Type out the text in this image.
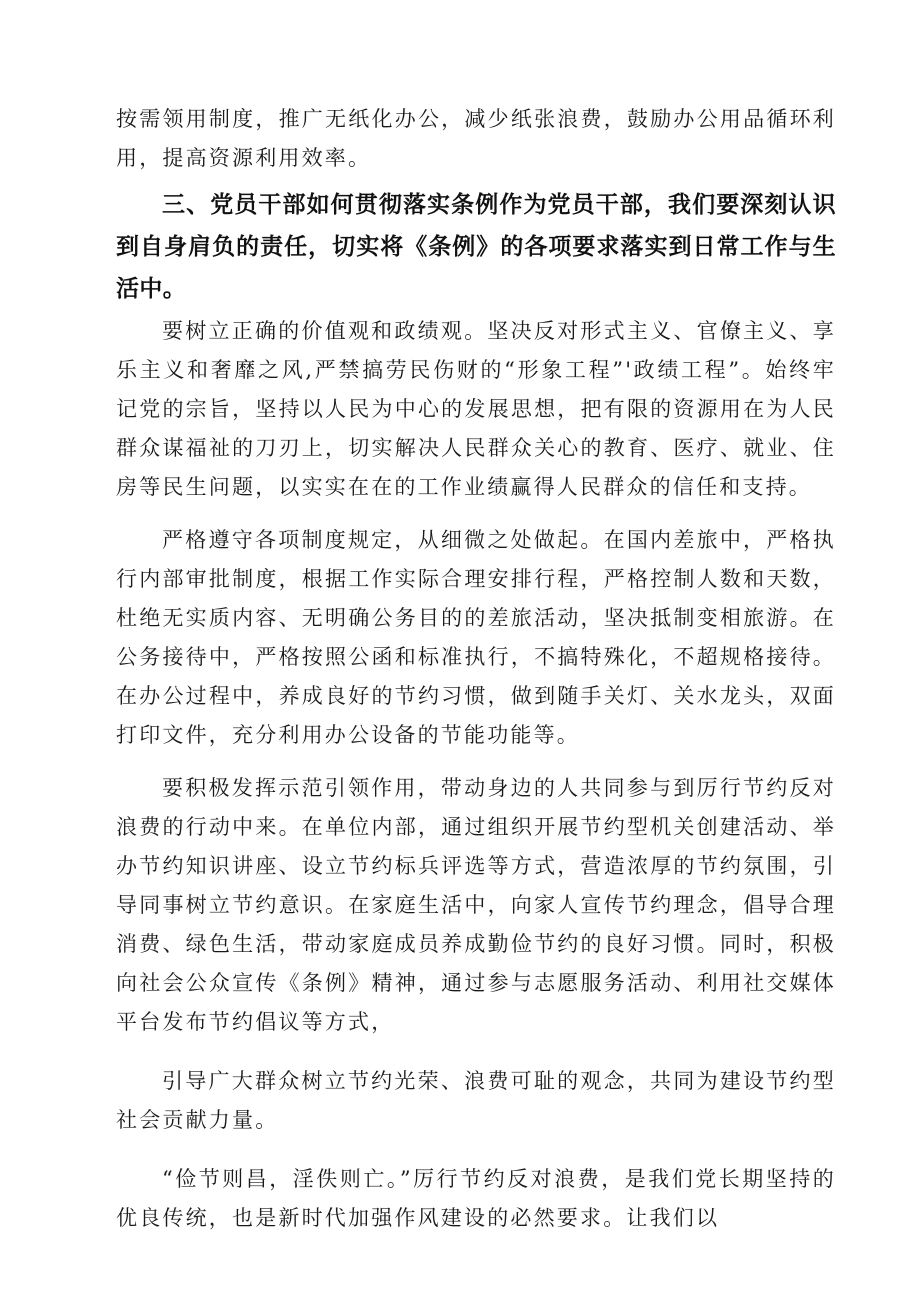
按需领用制度，推广无纸化办公，减少纸张浪费，鼓励办公用品循环利用，提高资源利用效率。

三、党员干部如何贯彻落实条例作为党员干部，我们要深刻认识到自身肩负的责任，切实将《条例》的各项要求落实到日常工作与生活中。

要树立正确的价值观和政绩观。坚决反对形式主义、官僚主义、享乐主义和奢靡之风,严禁搞劳民伤财的“形象工程”'政绩工程”。始终牢记党的宗旨，坚持以人民为中心的发展思想，把有限的资源用在为人民群众谋福祉的刀刃上，切实解决人民群众关心的教育、医疗、就业、住房等民生问题，以实实在在的工作业绩赢得人民群众的信任和支持。

严格遵守各项制度规定，从细微之处做起。在国内差旅中，严格执行内部审批制度，根据工作实际合理安排行程，严格控制人数和天数，杜绝无实质内容、无明确公务目的的差旅活动，坚决抵制变相旅游。在公务接待中，严格按照公函和标准执行，不搞特殊化，不超规格接待。在办公过程中，养成良好的节约习惯，做到随手关灯、关水龙头，双面打印文件，充分利用办公设备的节能功能等。

要积极发挥示范引领作用，带动身边的人共同参与到厉行节约反对浪费的行动中来。在单位内部，通过组织开展节约型机关创建活动、举办节约知识讲座、设立节约标兵评选等方式，营造浓厚的节约氛围，引导同事树立节约意识。在家庭生活中，向家人宣传节约理念，倡导合理消费、绿色生活，带动家庭成员养成勤俭节约的良好习惯。同时，积极向社会公众宣传《条例》精神，通过参与志愿服务活动、利用社交媒体平台发布节约倡议等方式，

引导广大群众树立节约光荣、浪费可耻的观念，共同为建设节约型社会贡献力量。

“俭节则昌，淫佚则亡。”厉行节约反对浪费，是我们党长期坚持的优良传统，也是新时代加强作风建设的必然要求。让我们以
